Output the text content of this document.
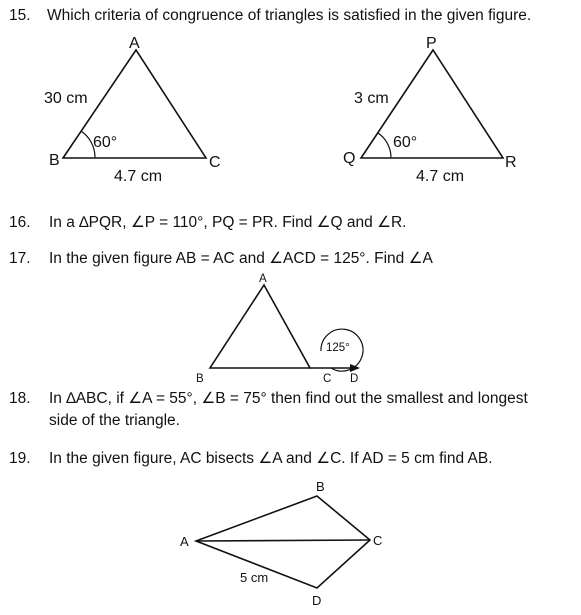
15. Which criteria of congruence of triangles is satisfied in the given figure.
A
B	C
30 cm
60°
4.7 cm
P
Q	R
3 cm
60°
4.7 cm
16. In a ∆PQR, ∠P = 110°, PQ = PR. Find ∠Q and ∠R.
17. In the given figure AB = AC and ∠ACD = 125°. Find ∠A
A
B	C D
125°
18. In ∆ABC, if ∠A = 55°, ∠B = 75° then find out the smallest and longest
side of the triangle.
19. In the given figure, AC bisects ∠A and ∠C. If AD = 5 cm find AB.
A
B
C
D
5 cm
